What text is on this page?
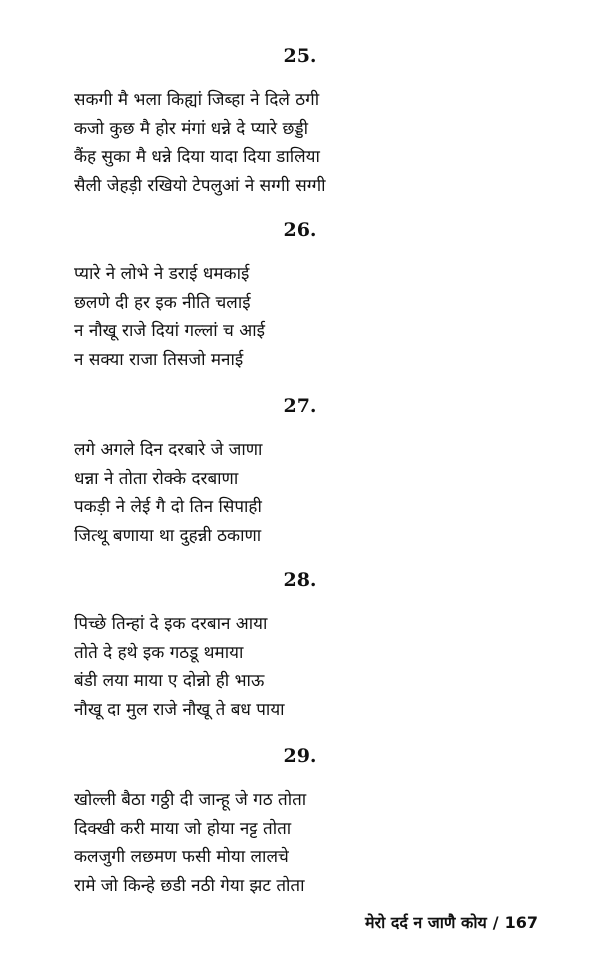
25.
सकगी मै भला किह्यां जिब्हा ने दिले ठगी
कजो कुछ मै होर मंगां धन्ने दे प्यारे छड्डी
कैंह सुका मै धन्ने दिया यादा दिया डालिया
सैली जेहड़ी रखियो टेपलुआं ने सग्गी सग्गी
26.
प्यारे ने लोभे ने डराई धमकाई
छलणे दी हर इक नीति चलाई
न नौखू राजे दियां गल्लां च आई
न सक्या राजा तिसजो मनाई
27.
लगे अगले दिन दरबारे जे जाणा
धन्ना ने तोता रोक्के दरबाणा
पकड़ी ने लेई गै दो तिन सिपाही
जित्थू बणाया था दुहन्नी ठकाणा
28.
पिच्छे तिन्हां दे इक दरबान आया
तोते दे हथे इक गठडू थमाया
बंडी लया माया ए दोन्नो ही भाऊ
नौखू दा मुल राजे नौखू ते बध पाया
29.
खोल्ली बैठा गठ्ठी दी जान्हू जे गठ तोता
दिक्खी करी माया जो होया नट्ट तोता
कलजुगी लछमण फसी मोया लालचे
रामे जो किन्हे छडी नठी गेया झट तोता
मेरो दर्द न जाणै कोय / 167
